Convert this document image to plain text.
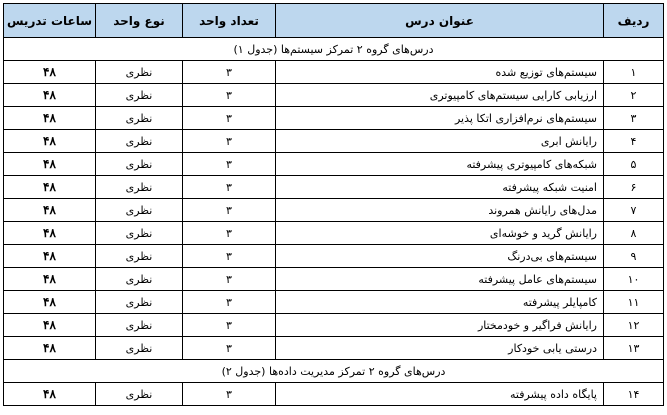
ردیف	عنوان درس	تعداد واحد	نوع واحد	ساعات تدریس
درس‌های گروه ۲ تمرکز سیستم‌ها (جدول ۱)				
۱	سیستم‌های توزیع شده	۳	نظری	۴۸
۲	ارزیابی کارایی سیستم‌های کامپیوتری	۳	نظری	۴۸
۳	سیستم‌های نرم‌افزاری اتکا پذیر	۳	نظری	۴۸
۴	رایانش ابری	۳	نظری	۴۸
۵	شبکه‌های کامپیوتری پیشرفته	۳	نظری	۴۸
۶	امنیت شبکه پیشرفته	۳	نظری	۴۸
۷	مدل‌های رایانش همروند	۳	نظری	۴۸
۸	رایانش گرید و خوشه‌ای	۳	نظری	۴۸
۹	سیستم‌های بی‌درنگ	۳	نظری	۴۸
۱۰	سیستم‌های عامل پیشرفته	۳	نظری	۴۸
۱۱	کامپایلر پیشرفته	۳	نظری	۴۸
۱۲	رایانش فراگیر و خودمختار	۳	نظری	۴۸
۱۳	درستی یابی خودکار	۳	نظری	۴۸
درس‌های گروه ۲ تمرکز مدیریت داده‌ها (جدول ۲)				
۱۴	پایگاه داده پیشرفته	۳	نظری	۴۸
